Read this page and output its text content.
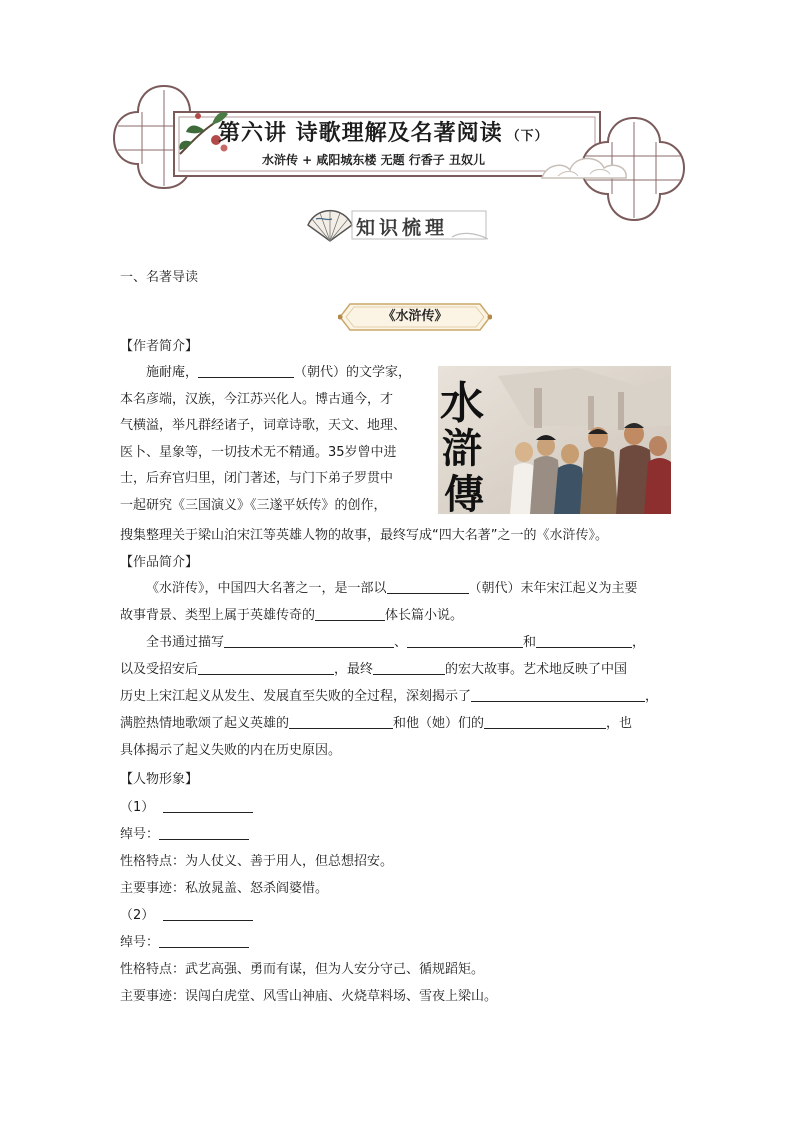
第六讲 诗歌理解及名著阅读 （下）
水浒传 + 咸阳城东楼 无题 行香子 丑奴儿
知识梳理
一、名著导读
《水浒传》
【作者简介】
施耐庵，	（朝代）的文学家，
本名彦端，汉族，今江苏兴化人。博古通今，才
气横溢，举凡群经诸子，词章诗歌，天文、地理、
医卜、星象等，一切技术无不精通。35岁曾中进
士，后弃官归里，闭门著述，与门下弟子罗贯中
一起研究《三国演义》《三遂平妖传》的创作，
搜集整理关于梁山泊宋江等英雄人物的故事，最终写成“四大名著”之一的《水浒传》。
水
滸
傳
【作品简介】
《水浒传》，中国四大名著之一，是一部以	（朝代）末年宋江起义为主要
故事背景、类型上属于英雄传奇的	体长篇小说。
全书通过描写	、	和	，
以及受招安后	，最终	的宏大故事。艺术地反映了中国
历史上宋江起义从发生、发展直至失败的全过程，深刻揭示了	，
满腔热情地歌颂了起义英雄的	和他（她）们的	，也
具体揭示了起义失败的内在历史原因。
【人物形象】
（1）
绰号：
性格特点：为人仗义、善于用人，但总想招安。
主要事迹：私放晁盖、怒杀阎婆惜。
（2）
绰号：
性格特点：武艺高强、勇而有谋，但为人安分守己、循规蹈矩。
主要事迹：误闯白虎堂、风雪山神庙、火烧草料场、雪夜上梁山。
